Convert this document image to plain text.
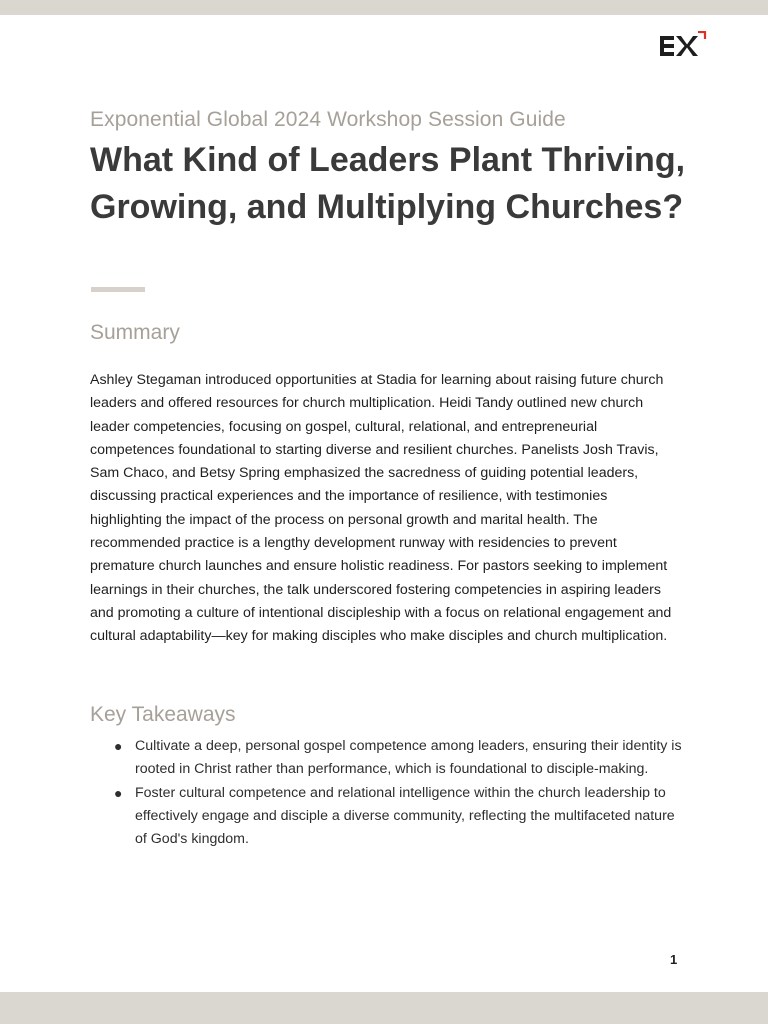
Exponential Global 2024 Workshop Session Guide
What Kind of Leaders Plant Thriving, Growing, and Multiplying Churches?
Summary

Ashley Stegaman introduced opportunities at Stadia for learning about raising future church leaders and offered resources for church multiplication. Heidi Tandy outlined new church leader competencies, focusing on gospel, cultural, relational, and entrepreneurial competences foundational to starting diverse and resilient churches. Panelists Josh Travis, Sam Chaco, and Betsy Spring emphasized the sacredness of guiding potential leaders, discussing practical experiences and the importance of resilience, with testimonies highlighting the impact of the process on personal growth and marital health. The recommended practice is a lengthy development runway with residencies to prevent premature church launches and ensure holistic readiness. For pastors seeking to implement learnings in their churches, the talk underscored fostering competencies in aspiring leaders and promoting a culture of intentional discipleship with a focus on relational engagement and cultural adaptability—key for making disciples who make disciples and church multiplication.

Key Takeaways
● Cultivate a deep, personal gospel competence among leaders, ensuring their identity is rooted in Christ rather than performance, which is foundational to disciple-making.
● Foster cultural competence and relational intelligence within the church leadership to effectively engage and disciple a diverse community, reflecting the multifaceted nature of God's kingdom.
1
